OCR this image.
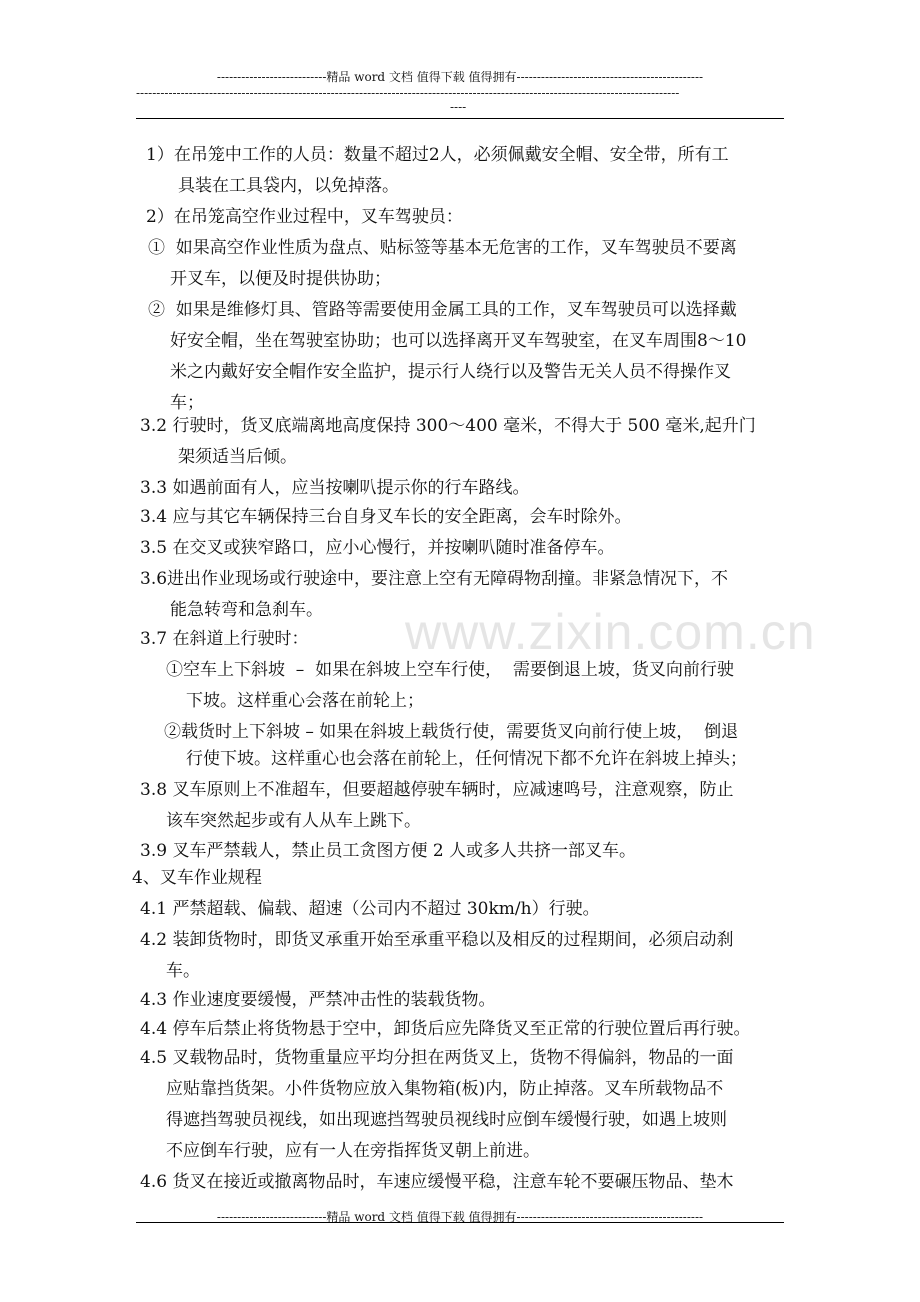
---------------------------精品 word 文档 值得下载 值得拥有----------------------------------------------
--------------------------------------------------------------------------------------------------------------------------------------
----
www.zixin.com.cn
1）在吊笼中工作的人员：数量不超过2人，必须佩戴安全帽、安全带，所有工
具装在工具袋内，以免掉落。
2）在吊笼高空作业过程中，叉车驾驶员：
①  如果高空作业性质为盘点、贴标签等基本无危害的工作，叉车驾驶员不要离
开叉车，以便及时提供协助；
②  如果是维修灯具、管路等需要使用金属工具的工作，叉车驾驶员可以选择戴
好安全帽，坐在驾驶室协助；也可以选择离开叉车驾驶室，在叉车周围8～10
米之内戴好安全帽作安全监护，提示行人绕行以及警告无关人员不得操作叉
车；
3.2 行驶时，货叉底端离地高度保持 300～400 毫米，不得大于 500 毫米,起升门
架须适当后倾。
3.3 如遇前面有人，应当按喇叭提示你的行车路线。
3.4 应与其它车辆保持三台自身叉车长的安全距离，会车时除外。
3.5 在交叉或狭窄路口，应小心慢行，并按喇叭随时准备停车。
3.6进出作业现场或行驶途中，要注意上空有无障碍物刮撞。非紧急情况下，不
能急转弯和急刹车。
3.7 在斜道上行驶时：
①空车上下斜坡  –  如果在斜坡上空车行使，  需要倒退上坡，货叉向前行驶
下坡。这样重心会落在前轮上；
②载货时上下斜坡 – 如果在斜坡上载货行使，需要货叉向前行使上坡，  倒退
行使下坡。这样重心也会落在前轮上，任何情况下都不允许在斜坡上掉头；
3.8 叉车原则上不准超车，但要超越停驶车辆时，应减速鸣号，注意观察，防止
该车突然起步或有人从车上跳下。
3.9 叉车严禁载人，禁止员工贪图方便 2 人或多人共挤一部叉车。
4、叉车作业规程
4.1 严禁超载、偏载、超速（公司内不超过 30km/h）行驶。
4.2 装卸货物时，即货叉承重开始至承重平稳以及相反的过程期间，必须启动刹
车。
4.3 作业速度要缓慢，严禁冲击性的装载货物。
4.4 停车后禁止将货物悬于空中，卸货后应先降货叉至正常的行驶位置后再行驶。
4.5 叉载物品时，货物重量应平均分担在两货叉上，货物不得偏斜，物品的一面
应贴靠挡货架。小件货物应放入集物箱(板)内，防止掉落。叉车所载物品不
得遮挡驾驶员视线，如出现遮挡驾驶员视线时应倒车缓慢行驶，如遇上坡则
不应倒车行驶，应有一人在旁指挥货叉朝上前进。
4.6 货叉在接近或撤离物品时，车速应缓慢平稳，注意车轮不要碾压物品、垫木
---------------------------精品 word 文档 值得下载 值得拥有----------------------------------------------
